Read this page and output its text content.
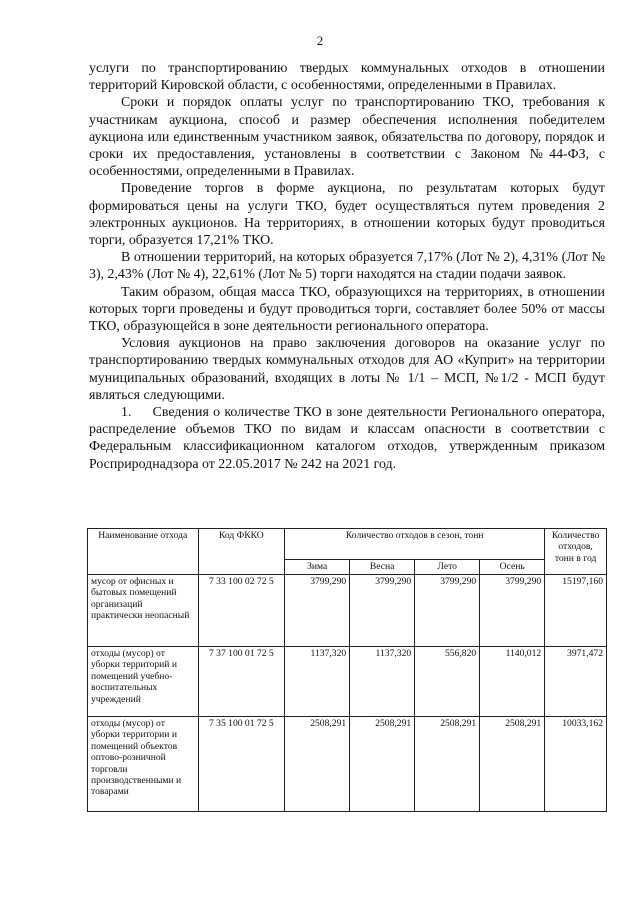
2

услуги по транспортированию твердых коммунальных отходов в отношении территорий Кировской области, с особенностями, определенными в Правилах.

Сроки и порядок оплаты услуг по транспортированию ТКО, требования к участникам аукциона, способ и размер обеспечения исполнения победителем аукциона или единственным участником заявок, обязательства по договору, порядок и сроки их предоставления, установлены в соответствии с Законом №44-ФЗ, с особенностями, определенными в Правилах.

Проведение торгов в форме аукциона, по результатам которых будут формироваться цены на услуги ТКО, будет осуществляться путем проведения 2 электронных аукционов. На территориях, в отношении которых будут проводиться торги, образуется 17,21% ТКО.

В отношении территорий, на которых образуется 7,17% (Лот № 2), 4,31% (Лот № 3), 2,43% (Лот № 4), 22,61% (Лот № 5) торги находятся на стадии подачи заявок.

Таким образом, общая масса ТКО, образующихся на территориях, в отношении которых торги проведены и будут проводиться торги, составляет более 50% от массы ТКО, образующейся в зоне деятельности регионального оператора.

Условия аукционов на право заключения договоров на оказание услуг по транспортированию твердых коммунальных отходов для АО «Куприт» на территории муниципальных образований, входящих в лоты № 1/1 – МСП, №1/2 - МСП будут являться следующими.

1.     Сведения о количестве ТКО в зоне деятельности Регионального оператора, распределение объемов ТКО по видам и классам опасности в соответствии с Федеральным классификационном каталогом отходов, утвержденным приказом Росприроднадзора от 22.05.2017 № 242 на 2021 год.

Наименование отхода	Код ФККО	Количество отходов в сезон, тонн				Количество отходов, тонн в год
		Зима	Весна	Лето	Осень	
мусор от офисных и бытовых помещений организаций практически неопасный	7 33 100 02 72 5	3799,290	3799,290	3799,290	3799,290	15197,160
отходы (мусор) от уборки территорий и помещений учебно-воспитательных учреждений	7 37 100 01 72 5	1137,320	1137,320	556,820	1140,012	3971,472
отходы (мусор) от уборки территории и помещений объектов оптово-розничной торговли производственными и товарами	7 35 100 01 72 5	2508,291	2508,291	2508,291	2508,291	10033,162
